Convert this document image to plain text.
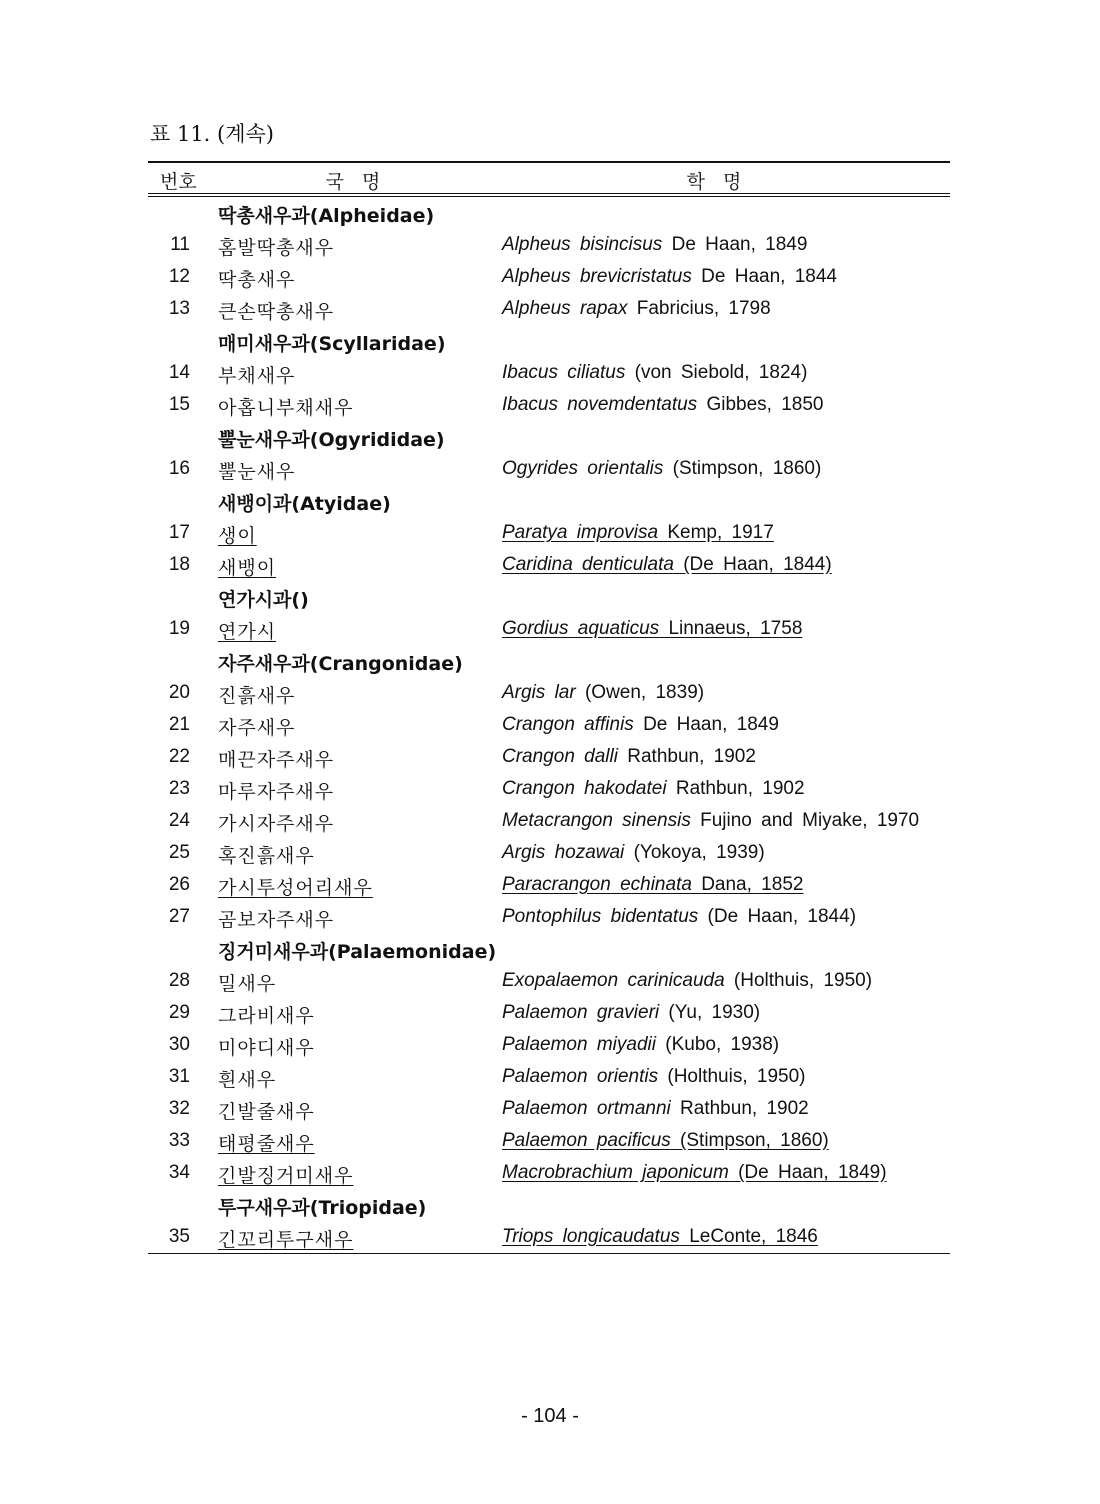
표 11. (계속)
번호	국   명	학   명
딱총새우과(Alpheidae)
11 홈발딱총새우	Alpheus bisincisus De Haan, 1849
12 딱총새우	Alpheus brevicristatus De Haan, 1844
13 큰손딱총새우	Alpheus rapax Fabricius, 1798
매미새우과(Scyllaridae)
14 부채새우	Ibacus ciliatus (von Siebold, 1824)
15 아홉니부채새우	Ibacus novemdentatus Gibbes, 1850
뿔눈새우과(Ogyrididae)
16 뿔눈새우	Ogyrides orientalis (Stimpson, 1860)
새뱅이과(Atyidae)
17 생이	Paratya improvisa Kemp, 1917
18 새뱅이	Caridina denticulata (De Haan, 1844)
연가시과()
19 연가시	Gordius aquaticus Linnaeus, 1758
자주새우과(Crangonidae)
20 진흙새우	Argis lar (Owen, 1839)
21 자주새우	Crangon affinis De Haan, 1849
22 매끈자주새우	Crangon dalli Rathbun, 1902
23 마루자주새우	Crangon hakodatei Rathbun, 1902
24 가시자주새우	Metacrangon sinensis Fujino and Miyake, 1970
25 혹진흙새우	Argis hozawai (Yokoya, 1939)
26 가시투성어리새우	Paracrangon echinata Dana, 1852
27 곰보자주새우	Pontophilus bidentatus (De Haan, 1844)
징거미새우과(Palaemonidae)
28 밀새우	Exopalaemon carinicauda (Holthuis, 1950)
29 그라비새우	Palaemon gravieri (Yu, 1930)
30 미야디새우	Palaemon miyadii (Kubo, 1938)
31 흰새우	Palaemon orientis (Holthuis, 1950)
32 긴발줄새우	Palaemon ortmanni Rathbun, 1902
33 태평줄새우	Palaemon pacificus (Stimpson, 1860)
34 긴발징거미새우	Macrobrachium japonicum (De Haan, 1849)
투구새우과(Triopidae)
35 긴꼬리투구새우	Triops longicaudatus LeConte, 1846
- 104 -
